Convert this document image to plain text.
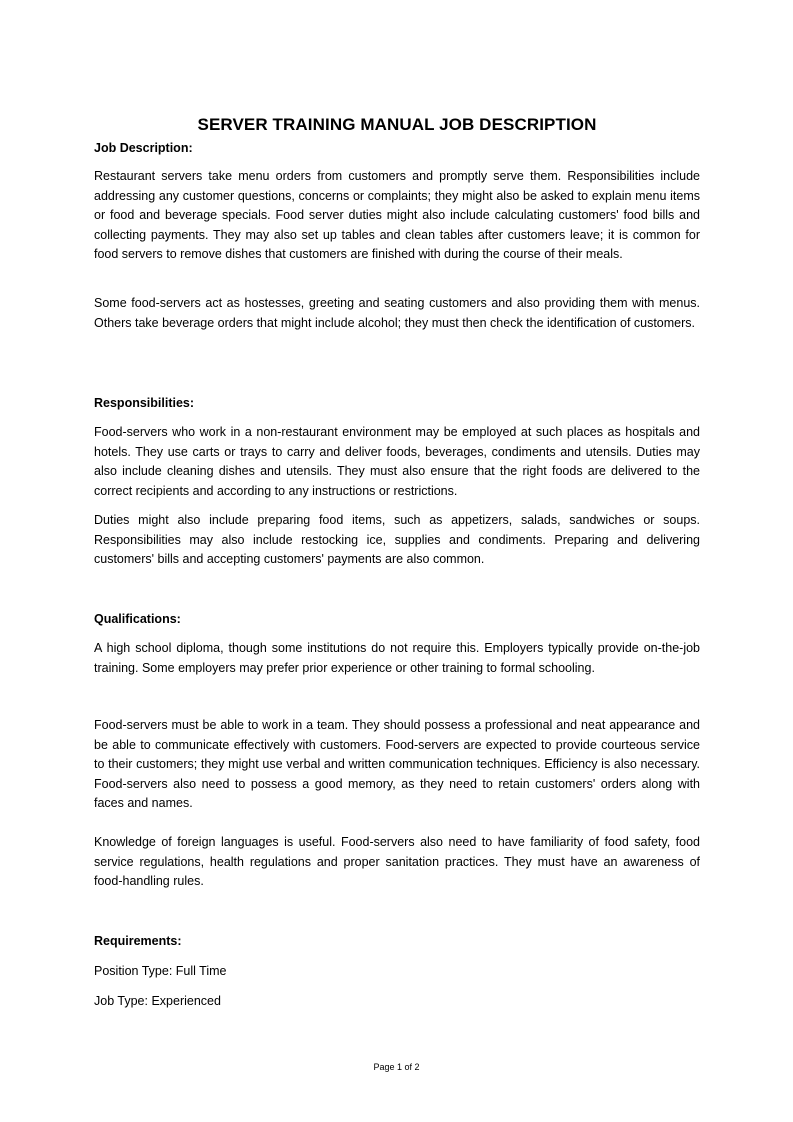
SERVER TRAINING MANUAL JOB DESCRIPTION
Job Description:

Restaurant servers take menu orders from customers and promptly serve them. Responsibilities include addressing any customer questions, concerns or complaints; they might also be asked to explain menu items or food and beverage specials. Food server duties might also include calculating customers' food bills and collecting payments. They may also set up tables and clean tables after customers leave; it is common for food servers to remove dishes that customers are finished with during the course of their meals.

Some food-servers act as hostesses, greeting and seating customers and also providing them with menus. Others take beverage orders that might include alcohol; they must then check the identification of customers.

Responsibilities:

Food-servers who work in a non-restaurant environment may be employed at such places as hospitals and hotels. They use carts or trays to carry and deliver foods, beverages, condiments and utensils. Duties may also include cleaning dishes and utensils. They must also ensure that the right foods are delivered to the correct recipients and according to any instructions or restrictions.

Duties might also include preparing food items, such as appetizers, salads, sandwiches or soups. Responsibilities may also include restocking ice, supplies and condiments. Preparing and delivering customers' bills and accepting customers' payments are also common.

Qualifications:

A high school diploma, though some institutions do not require this. Employers typically provide on-the-job training. Some employers may prefer prior experience or other training to formal schooling.

Food-servers must be able to work in a team. They should possess a professional and neat appearance and be able to communicate effectively with customers. Food-servers are expected to provide courteous service to their customers; they might use verbal and written communication techniques. Efficiency is also necessary. Food-servers also need to possess a good memory, as they need to retain customers' orders along with faces and names.

Knowledge of foreign languages is useful. Food-servers also need to have familiarity of food safety, food service regulations, health regulations and proper sanitation practices. They must have an awareness of food-handling rules.

Requirements:
Position Type: Full Time
Job Type: Experienced
Page 1 of 2
